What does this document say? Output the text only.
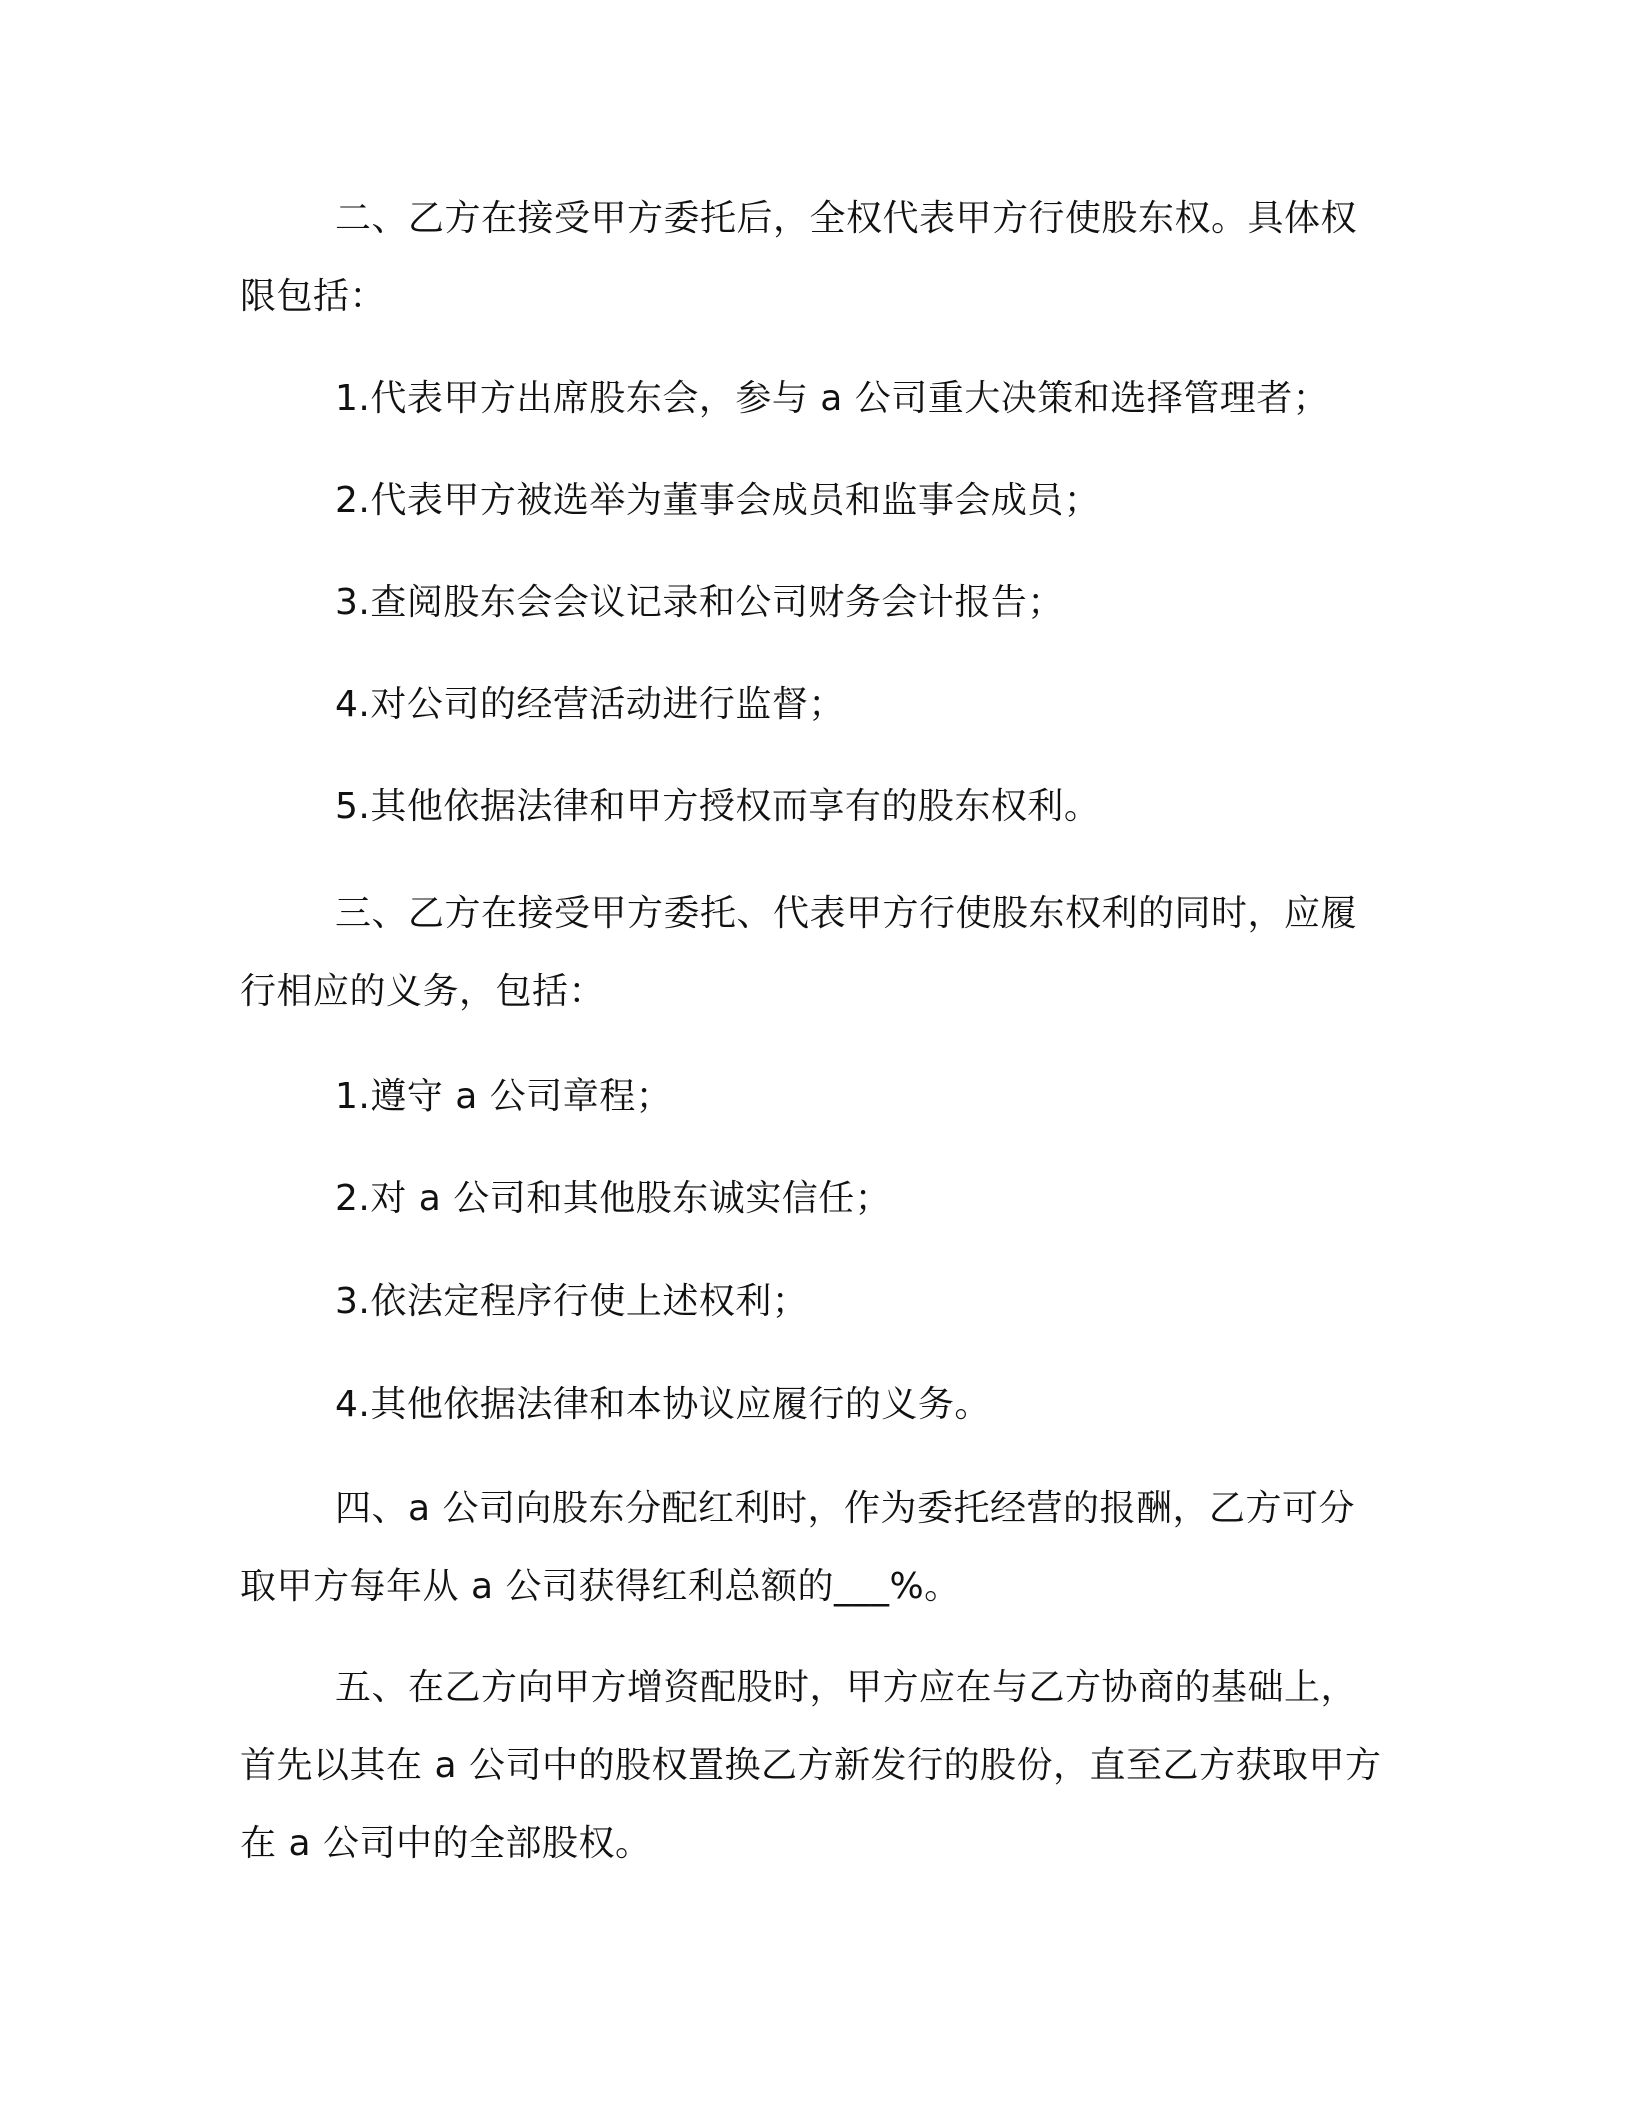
二、乙方在接受甲方委托后，全权代表甲方行使股东权。具体权限包括：

1.代表甲方出席股东会，参与 a 公司重大决策和选择管理者；

2.代表甲方被选举为董事会成员和监事会成员；

3.查阅股东会会议记录和公司财务会计报告；

4.对公司的经营活动进行监督；

5.其他依据法律和甲方授权而享有的股东权利。

三、乙方在接受甲方委托、代表甲方行使股东权利的同时，应履行相应的义务，包括：

1.遵守 a 公司章程；

2.对 a 公司和其他股东诚实信任；

3.依法定程序行使上述权利；

4.其他依据法律和本协议应履行的义务。

四、a 公司向股东分配红利时，作为委托经营的报酬，乙方可分取甲方每年从 a 公司获得红利总额的___%。

五、在乙方向甲方增资配股时，甲方应在与乙方协商的基础上，首先以其在 a 公司中的股权置换乙方新发行的股份，直至乙方获取甲方在 a 公司中的全部股权。
